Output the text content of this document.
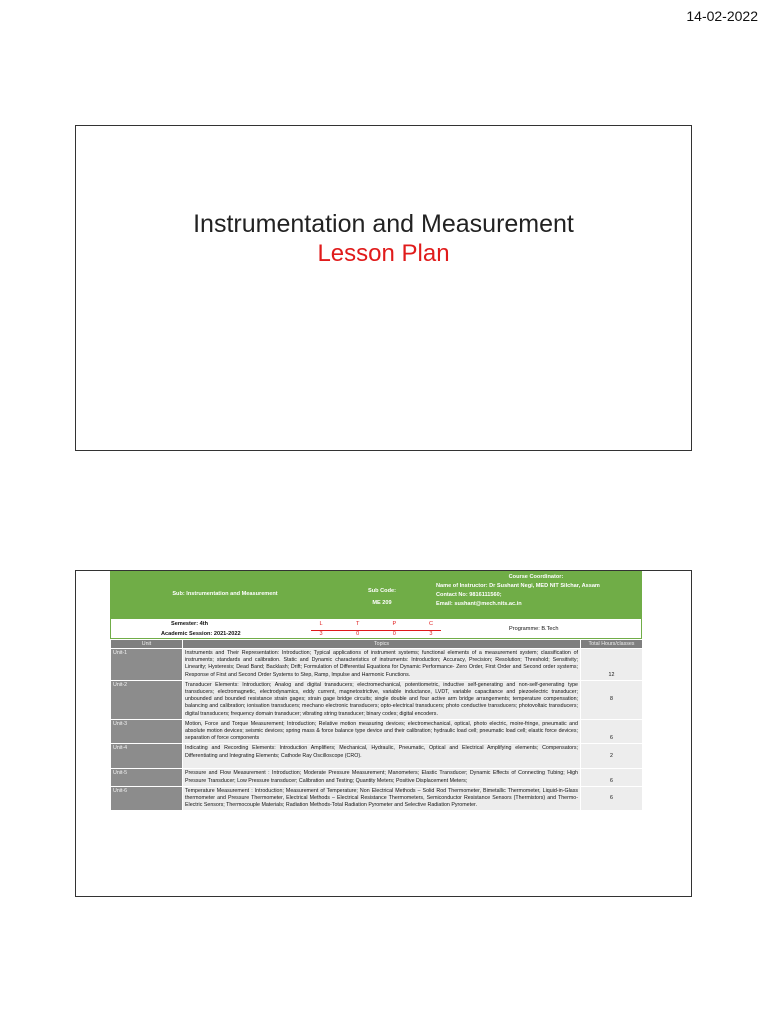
14-02-2022
Instrumentation and Measurement
Lesson Plan
Sub: Instrumentation and Measurement	Sub Code:
ME 209
Course Coordinator:
Name of Instructor: Dr Sushant Negi, MED NIT Silchar, Assam
Contact No: 9816111560;
Email: sushant@mech.nits.ac.in
Semester: 4th
Academic Session: 2021-2022
L	T	P	C
3	0	0	3
Programme: B.Tech
Unit	Topics	Total Hours/classes
Unit-1	Instruments and Their Representation: Introduction; Typical applications of instrument systems; functional elements of a measurement system; classification of instruments; standards and calibration. Static and Dynamic characteristics of instruments: Introduction; Accuracy, Precision; Resolution; Threshold; Sensitivity; Linearity; Hysteresis; Dead Band; Backlash; Drift; Formulation of Differential Equations for Dynamic Performance- Zero Order, First Order and Second order systems; Response of First and Second Order Systems to Step, Ramp, Impulse and Harmonic Functions.	12
Unit-2	Transducer Elements: Introduction; Analog and digital transducers; electromechanical, potentiometric, inductive self-generating and non-self-generating type transducers; electromagnetic, electrodynamics, eddy current, magnetostrictive, variable inductance, LVDT, variable capacitance and piezoelectric transducer; unbounded and bounded resistance strain gages; strain gage bridge circuits; single double and four active arm bridge arrangements; temperature compensation; balancing and calibration; ionisation transducers; mechano electronic transducers; opto-electrical transducers; photo conductive transducers; photovoltaic transducers; digital transducers; frequency domain transducer; vibrating string transducer; binary codes; digital encoders.	8
Unit-3	Motion, Force and Torque Measurement; Introduction; Relative motion measuring devices; electromechanical, optical, photo electric, moire-fringe, pneumatic and absolute motion devices; seismic devices; spring mass & force balance type device and their calibration; hydraulic load cell; pneumatic load cell; elastic force devices; separation of force components	6
Unit-4	Indicating and Recording Elements: Introduction Amplifiers; Mechanical, Hydraulic, Pneumatic, Optical and Electrical Amplifying elements; Compensators; Differentiating and Integrating Elements; Cathode Ray Oscilloscope (CRO).	2
Unit-5	Pressure and Flow Measurement : Introduction; Moderate Pressure Measurement; Manometers; Elastic Transducer; Dynamic Effects of Connecting Tubing; High Pressure Transducer; Low Pressure transducer; Calibration and Testing; Quantity Meters; Positive Displacement Meters;	6
Unit-6	Temperature Measurement : Introduction; Measurement of Temperature; Non Electrical Methods – Solid Rod Thermometer, Bimetallic Thermometer, Liquid-in-Glass thermometer and Pressure Thermometer, Electrical Methods – Electrical Resistance Thermometers, Semiconductor Resistance Sensors (Thermistors) and Thermo-Electric Sensors; Thermocouple Materials; Radiation Methods-Total Radiation Pyrometer and Selective Radiation Pyrometer.	6
